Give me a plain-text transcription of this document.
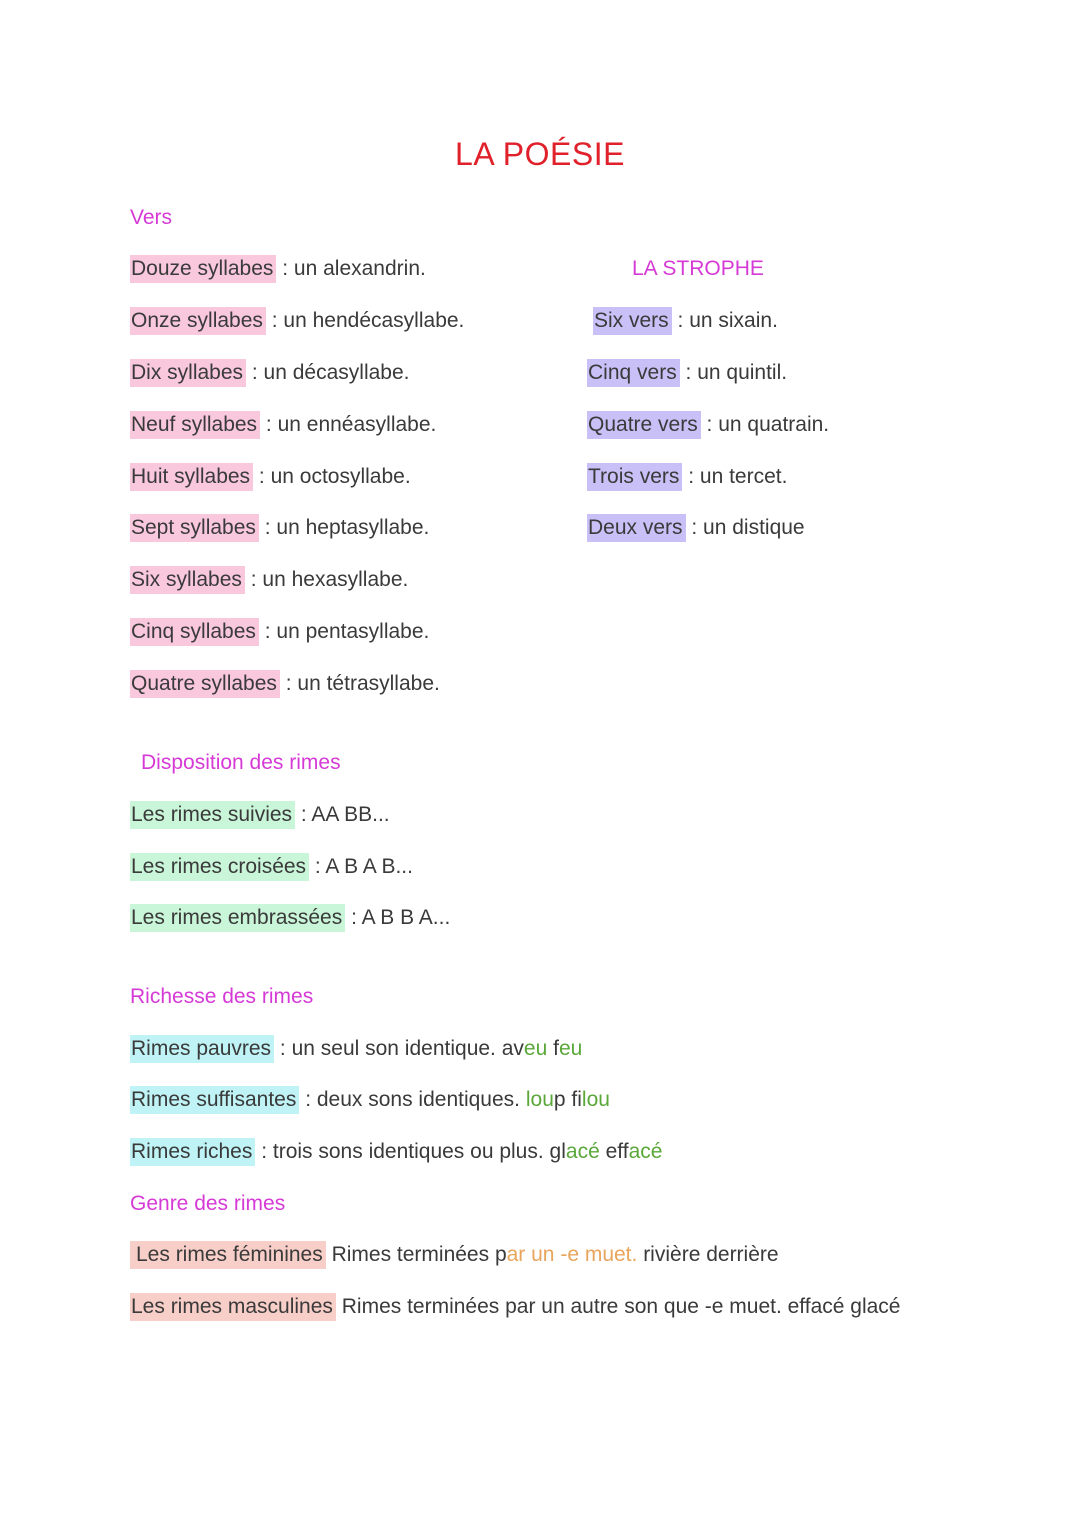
LA POÉSIE
Vers
Douze syllabes : un alexandrin.
Onze syllabes : un hendécasyllabe.
Dix syllabes : un décasyllabe.
Neuf syllabes : un ennéasyllabe.
Huit syllabes : un octosyllabe.
Sept syllabes : un heptasyllabe.
Six syllabes : un hexasyllabe.
Cinq syllabes : un pentasyllabe.
Quatre syllabes : un tétrasyllabe.
LA STROPHE
Six vers : un sixain.
Cinq vers : un quintil.
Quatre vers : un quatrain.
Trois vers : un tercet.
Deux vers : un distique
Disposition des rimes
Les rimes suivies : AA BB...
Les rimes croisées : A B A B...
Les rimes embrassées : A B B A...
Richesse des rimes
Rimes pauvres : un seul son identique. aveu feu
Rimes suffisantes : deux sons identiques. loup filou
Rimes riches : trois sons identiques ou plus. glacé effacé
Genre des rimes
Les rimes féminines Rimes terminées par un -e muet. rivière derrière
Les rimes masculines Rimes terminées par un autre son que -e muet. effacé glacé
